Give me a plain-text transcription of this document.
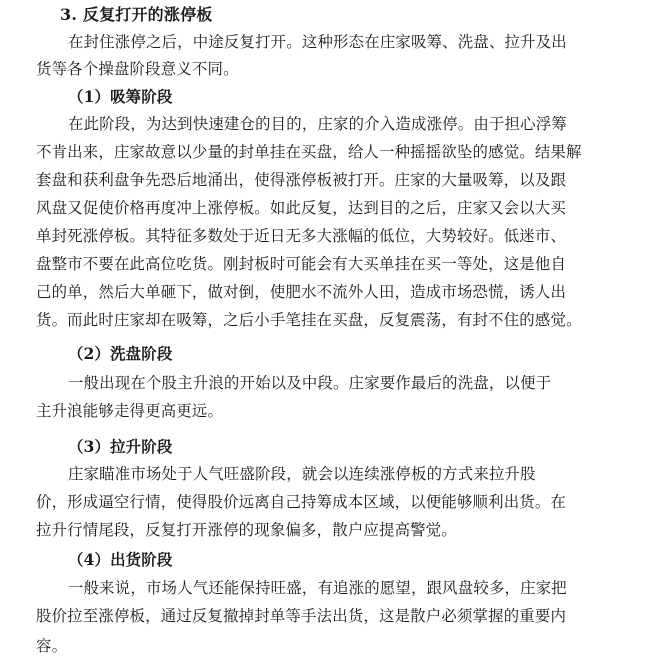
3. 反复打开的涨停板
在封住涨停之后，中途反复打开。这种形态在庄家吸筹、洗盘、拉升及出
货等各个操盘阶段意义不同。
（1）吸筹阶段
在此阶段，为达到快速建仓的目的，庄家的介入造成涨停。由于担心浮筹
不肯出来，庄家故意以少量的封单挂在买盘，给人一种摇摇欲坠的感觉。结果解
套盘和获利盘争先恐后地涌出，使得涨停板被打开。庄家的大量吸筹，以及跟
风盘又促使价格再度冲上涨停板。如此反复，达到目的之后，庄家又会以大买
单封死涨停板。其特征多数处于近日无多大涨幅的低位，大势较好。低迷市、
盘整市不要在此高位吃货。刚封板时可能会有大买单挂在买一等处，这是他自
己的单，然后大单砸下，做对倒，使肥水不流外人田，造成市场恐慌，诱人出
货。而此时庄家却在吸筹，之后小手笔挂在买盘，反复震荡，有封不住的感觉。
（2）洗盘阶段
一般出现在个股主升浪的开始以及中段。庄家要作最后的洗盘，以便于
主升浪能够走得更高更远。
（3）拉升阶段
庄家瞄准市场处于人气旺盛阶段，就会以连续涨停板的方式来拉升股
价，形成逼空行情，使得股价远离自己持筹成本区域，以便能够顺利出货。在
拉升行情尾段，反复打开涨停的现象偏多，散户应提高警觉。
（4）出货阶段
一般来说，市场人气还能保持旺盛，有追涨的愿望，跟风盘较多，庄家把
股价拉至涨停板，通过反复撤掉封单等手法出货，这是散户必须掌握的重要内
容。
